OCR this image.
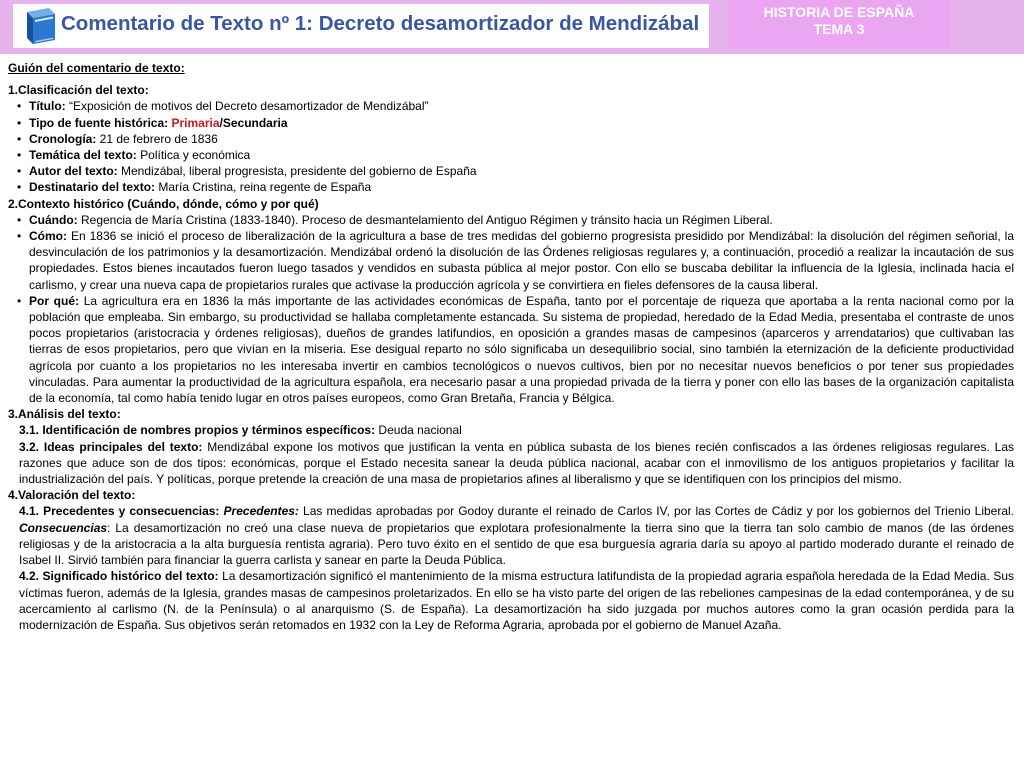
Comentario de Texto nº 1: Decreto desamortizador de Mendizábal	HISTORIA DE ESPAÑA
TEMA 3

Guión del comentario de texto:

1.Clasificación del texto:

• Título: “Exposición de motivos del Decreto desamortizador de Mendizábal”

• Tipo de fuente histórica: Primaria/Secundaria

• Cronología: 21 de febrero de 1836

• Temática del texto: Política y económica

• Autor del texto: Mendizábal, liberal progresista, presidente del gobierno de España

• Destinatario del texto: María Cristina, reina regente de España

2.Contexto histórico (Cuándo, dónde, cómo y por qué)

• Cuándo: Regencia de María Cristina (1833-1840). Proceso de desmantelamiento del Antiguo Régimen y tránsito hacia un Régimen Liberal.

• Cómo: En 1836 se inició el proceso de liberalización de la agricultura a base de tres medidas del gobierno progresista presidido por Mendizábal: la disolución del régimen señorial, la desvinculación de los patrimonios y la desamortización. Mendizábal ordenó la disolución de las Órdenes religiosas regulares y, a continuación, procedió a realizar la incautación de sus propiedades. Estos bienes incautados fueron luego tasados y vendidos en subasta pública al mejor postor. Con ello se buscaba debilitar la influencia de la Iglesia, inclinada hacia el carlismo, y crear una nueva capa de propietarios rurales que activase la producción agrícola y se convirtiera en fieles defensores de la causa liberal.

• Por qué: La agricultura era en 1836 la más importante de las actividades económicas de España, tanto por el porcentaje de riqueza que aportaba a la renta nacional como por la población que empleaba. Sin embargo, su productividad se hallaba completamente estancada. Su sistema de propiedad, heredado de la Edad Media, presentaba el contraste de unos pocos propietarios (aristocracia y órdenes religiosas), dueños de grandes latifundios, en oposición a grandes masas de campesinos (aparceros y arrendatarios) que cultivaban las tierras de esos propietarios, pero que vivían en la miseria. Ese desigual reparto no sólo significaba un desequilibrio social, sino también la eternización de la deficiente productividad agrícola por cuanto a los propietarios no les interesaba invertir en cambios tecnológicos o nuevos cultivos, bien por no necesitar nuevos beneficios o por tener sus propiedades vinculadas. Para aumentar la productividad de la agricultura española, era necesario pasar a una propiedad privada de la tierra y poner con ello las bases de la organización capitalista de la economía, tal como había tenido lugar en otros países europeos, como Gran Bretaña, Francia y Bélgica.

3.Análisis del texto:

3.1. Identificación de nombres propios y términos específicos: Deuda nacional

3.2. Ideas principales del texto: Mendizábal expone los motivos que justifican la venta en pública subasta de los bienes recién confiscados a las órdenes religiosas regulares. Las razones que aduce son de dos tipos: económicas, porque el Estado necesita sanear la deuda pública nacional, acabar con el inmovilismo de los antiguos propietarios y facilitar la industrialización del país. Y políticas, porque pretende la creación de una masa de propietarios afines al liberalismo y que se identifiquen con los principios del mismo.

4.Valoración del texto:

4.1. Precedentes y consecuencias: Precedentes: Las medidas aprobadas por Godoy durante el reinado de Carlos IV, por las Cortes de Cádiz y por los gobiernos del Trienio Liberal. Consecuencias: La desamortización no creó una clase nueva de propietarios que explotara profesionalmente la tierra sino que la tierra tan solo cambio de manos (de las órdenes religiosas y de la aristocracia a la alta burguesía rentista agraria). Pero tuvo éxito en el sentido de que esa burguesía agraria daría su apoyo al partido moderado durante el reinado de Isabel II. Sirvió también para financiar la guerra carlista y sanear en parte la Deuda Pública.

4.2. Significado histórico del texto: La desamortización significó el mantenimiento de la misma estructura latifundista de la propiedad agraria española heredada de la Edad Media. Sus víctimas fueron, además de la Iglesia, grandes masas de campesinos proletarizados. En ello se ha visto parte del origen de las rebeliones campesinas de la edad contemporánea, y de su acercamiento al carlismo (N. de la Península) o al anarquismo (S. de España). La desamortización ha sido juzgada por muchos autores como la gran ocasión perdida para la modernización de España. Sus objetivos serán retomados en 1932 con la Ley de Reforma Agraria, aprobada por el gobierno de Manuel Azaña.
